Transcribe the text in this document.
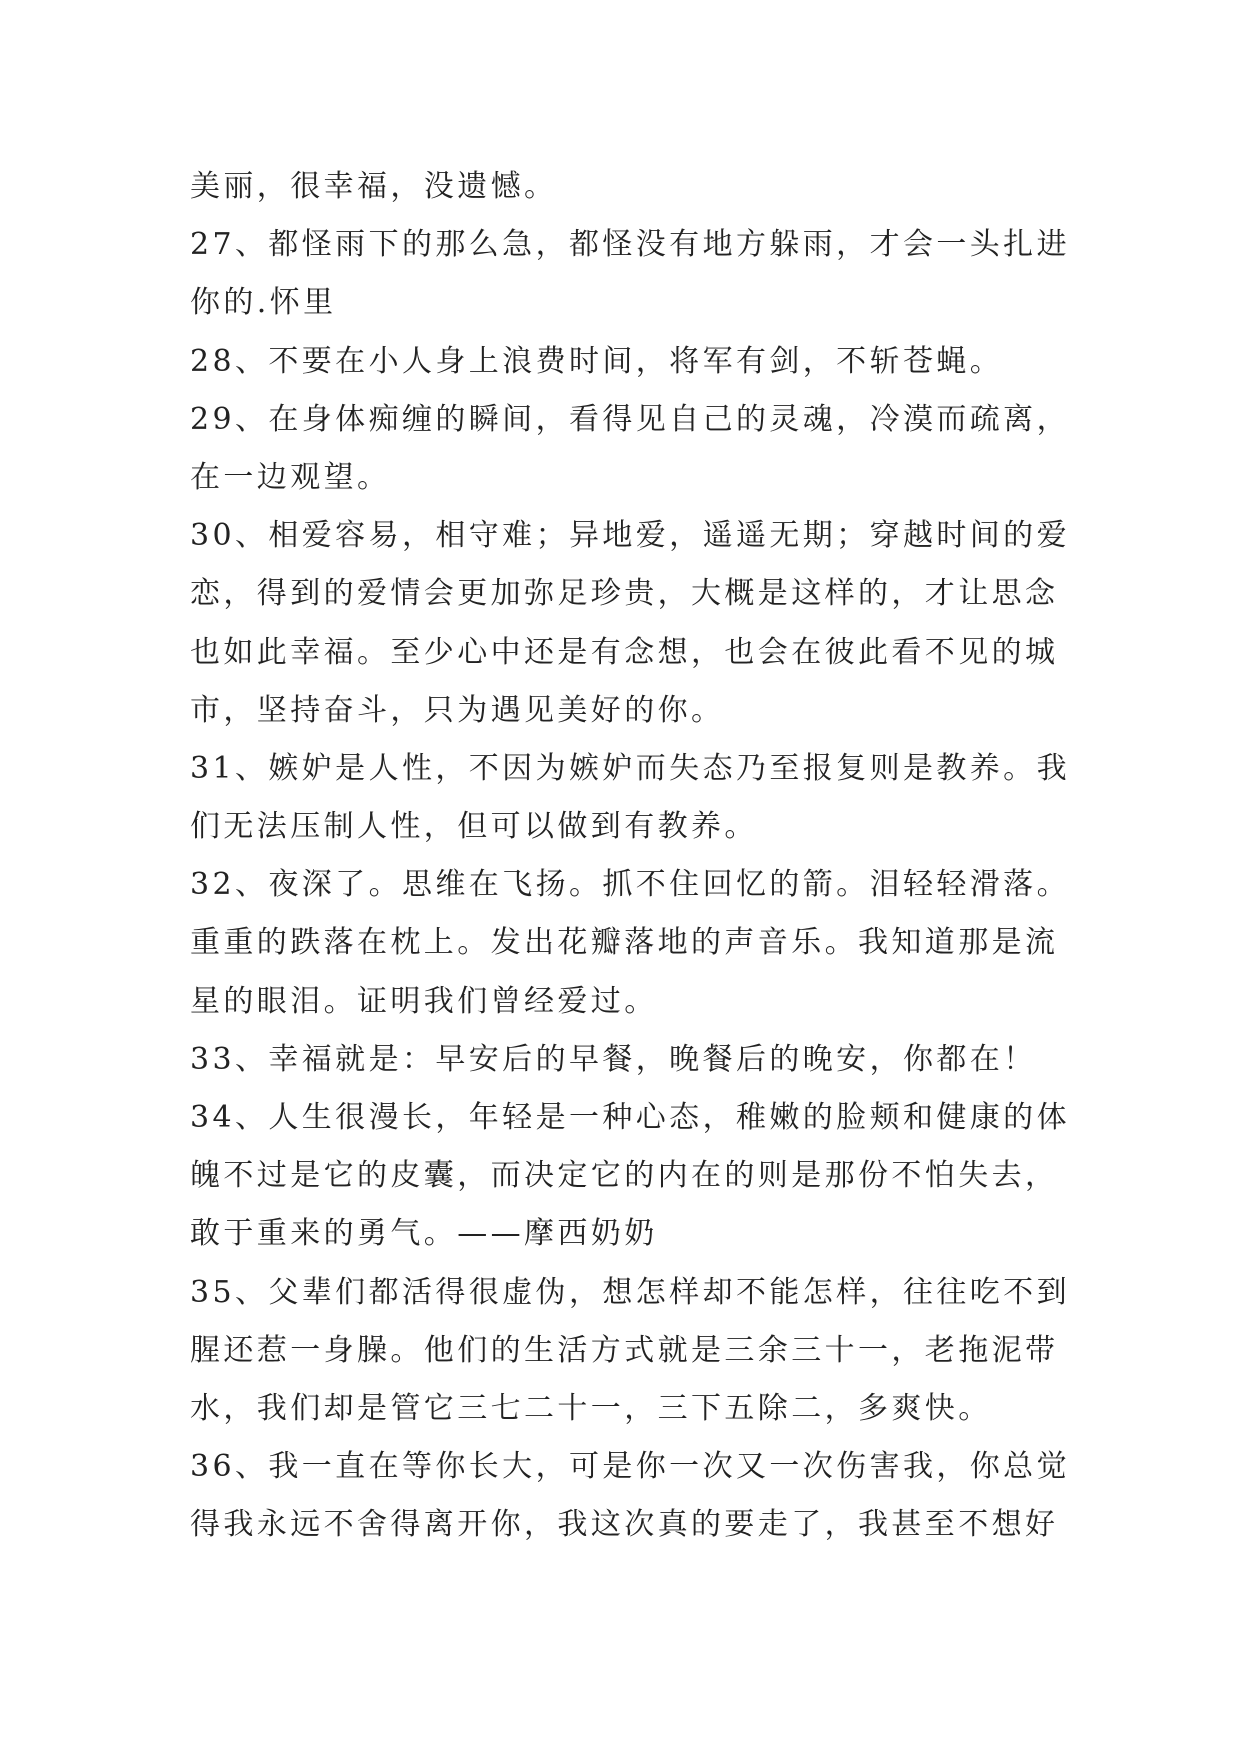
美丽，很幸福，没遗憾。
27、都怪雨下的那么急，都怪没有地方躲雨，才会一头扎进
你的.怀里
28、不要在小人身上浪费时间，将军有剑，不斩苍蝇。
29、在身体痴缠的瞬间，看得见自己的灵魂，冷漠而疏离，
在一边观望。
30、相爱容易，相守难；异地爱，遥遥无期；穿越时间的爱
恋，得到的爱情会更加弥足珍贵，大概是这样的，才让思念
也如此幸福。至少心中还是有念想，也会在彼此看不见的城
市，坚持奋斗，只为遇见美好的你。
31、嫉妒是人性，不因为嫉妒而失态乃至报复则是教养。我
们无法压制人性，但可以做到有教养。
32、夜深了。思维在飞扬。抓不住回忆的箭。泪轻轻滑落。
重重的跌落在枕上。发出花瓣落地的声音乐。我知道那是流
星的眼泪。证明我们曾经爱过。
33、幸福就是：早安后的早餐，晚餐后的晚安，你都在！
34、人生很漫长，年轻是一种心态，稚嫩的脸颊和健康的体
魄不过是它的皮囊，而决定它的内在的则是那份不怕失去，
敢于重来的勇气。——摩西奶奶
35、父辈们都活得很虚伪，想怎样却不能怎样，往往吃不到
腥还惹一身臊。他们的生活方式就是三余三十一，老拖泥带
水，我们却是管它三七二十一，三下五除二，多爽快。
36、我一直在等你长大，可是你一次又一次伤害我，你总觉
得我永远不舍得离开你，我这次真的要走了，我甚至不想好
